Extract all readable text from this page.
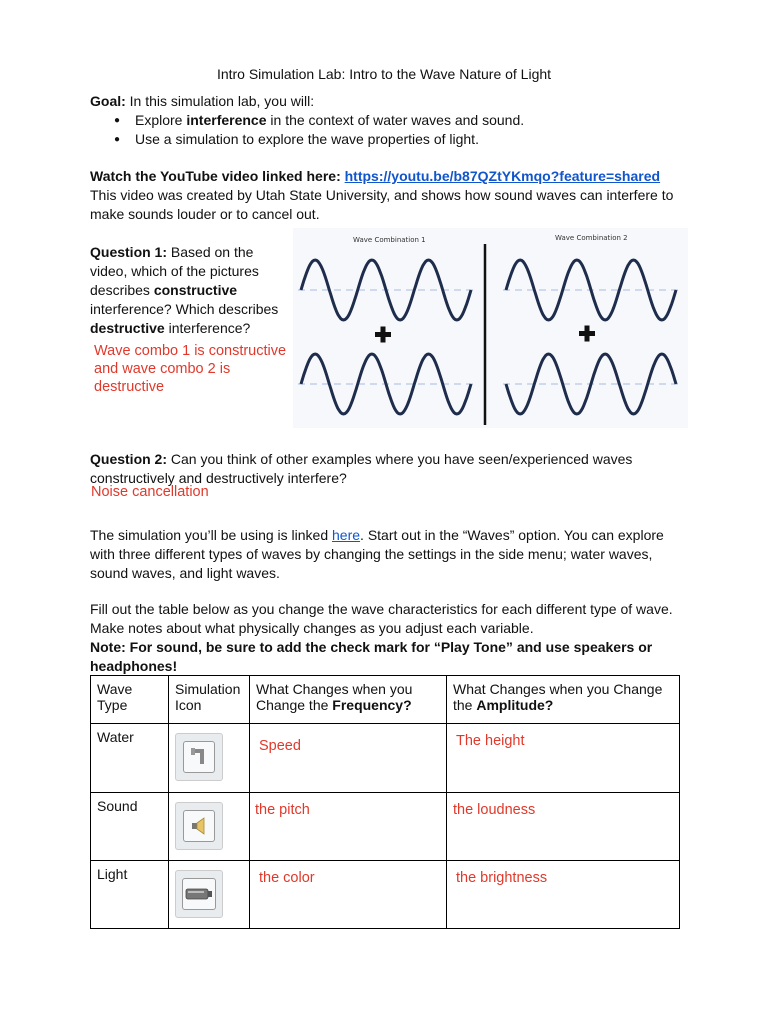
Intro Simulation Lab: Intro to the Wave Nature of Light
Goal: In this simulation lab, you will:
● Explore interference in the context of water waves and sound.
● Use a simulation to explore the wave properties of light.
Watch the YouTube video linked here: https://youtu.be/b87QZtYKmqo?feature=shared
This video was created by Utah State University, and shows how sound waves can interfere to
make sounds louder or to cancel out.
Question 1: Based on the
video, which of the pictures
describes constructive
interference? Which describes
destructive interference?
Wave combo 1 is constructive
and wave combo 2 is
destructive
Wave Combination 1	Wave Combination 2
Question 2: Can you think of other examples where you have seen/experienced waves
constructively and destructively interfere?
Noise cancellation
The simulation you’ll be using is linked here. Start out in the “Waves” option. You can explore
with three different types of waves by changing the settings in the side menu; water waves,
sound waves, and light waves.
Fill out the table below as you change the wave characteristics for each different type of wave.
Make notes about what physically changes as you adjust each variable.
Note: For sound, be sure to add the check mark for “Play Tone” and use speakers or
headphones!
Wave Type	Simulation Icon	What Changes when you Change the Frequency?	What Changes when you Change the Amplitude?
Water		Speed	The height
Sound		the pitch	the loudness
Light		the color	the brightness
